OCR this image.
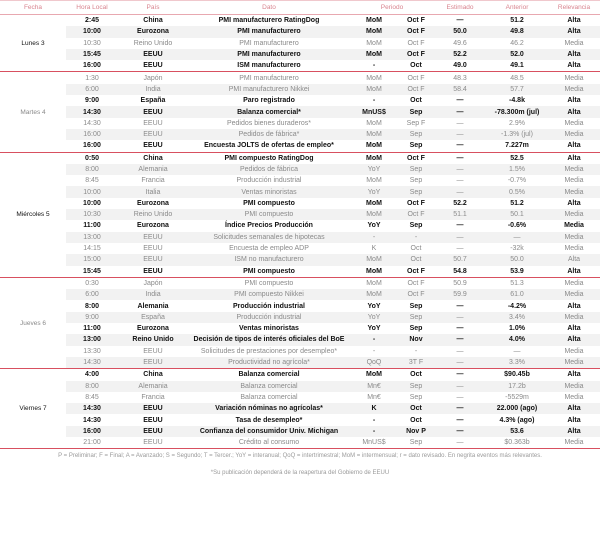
Fecha	Hora Local	País	Dato	Periodo		Estimado	Anterior	Relevancia
Lunes 3	2:45	China	PMI manufacturero RatingDog	MoM	Oct F	—	51.2	Alta
	10:00	Eurozona	PMI manufacturero	MoM	Oct F	50.0	49.8	Alta
	10:30	Reino Unido	PMI manufacturero	MoM	Oct F	49.6	46.2	Media
	15:45	EEUU	PMI manufacturero	MoM	Oct F	52.2	52.0	Alta
	16:00	EEUU	ISM manufacturero	-	Oct	49.0	49.1	Alta
Martes 4	1:30	Japón	PMI manufacturero	MoM	Oct F	48.3	48.5	Media
	6:00	India	PMI manufacturero Nikkei	MoM	Oct F	58.4	57.7	Media
	9:00	España	Paro registrado	-	Oct	—	-4.8k	Alta
	14:30	EEUU	Balanza comercial*	MnUS$	Sep	—	-78.300m (jul)	Alta
	14:30	EEUU	Pedidos bienes duraderos*	MoM	Sep F	—	2.9%	Media
	16:00	EEUU	Pedidos de fábrica*	MoM	Sep	—	-1.3% (jul)	Media
	16:00	EEUU	Encuesta JOLTS de ofertas de empleo*	MoM	Sep	—	7.227m	Alta
Miércoles 5	0:50	China	PMI compuesto RatingDog	MoM	Oct F	—	52.5	Alta
	8:00	Alemania	Pedidos de fábrica	YoY	Sep	—	1.5%	Media
	8:45	Francia	Producción industrial	MoM	Sep	—	-0.7%	Media
	10:00	Italia	Ventas minoristas	YoY	Sep	—	0.5%	Media
	10:00	Eurozona	PMI compuesto	MoM	Oct F	52.2	51.2	Alta
	10:30	Reino Unido	PMI compuesto	MoM	Oct F	51.1	50.1	Media
	11:00	Eurozona	Índice Precios Producción	YoY	Sep	—	-0.6%	Media
	13:00	EEUU	Solicitudes semanales de hipotecas	-	-	—	—	Media
	14:15	EEUU	Encuesta de empleo ADP	K	Oct	—	-32k	Media
	15:00	EEUU	ISM no manufacturero	MoM	Oct	50.7	50.0	Alta
	15:45	EEUU	PMI compuesto	MoM	Oct F	54.8	53.9	Alta
Jueves 6	0:30	Japón	PMI compuesto	MoM	Oct F	50.9	51.3	Media
	6:00	India	PMI compuesto Nikkei	MoM	Oct F	59.9	61.0	Media
	8:00	Alemania	Producción industrial	YoY	Sep	—	-4.2%	Alta
	9:00	España	Producción industrial	YoY	Sep	—	3.4%	Media
	11:00	Eurozona	Ventas minoristas	YoY	Sep	—	1.0%	Alta
	13:00	Reino Unido	Decisión de tipos de interés oficiales del BoE	-	Nov	—	4.0%	Alta
	13:30	EEUU	Solicitudes de prestaciones por desempleo*	-	-	—	—	Media
	14:30	EEUU	Productividad no agrícola*	QoQ	3T F	—	3.3%	Media
Viernes 7	4:00	China	Balanza comercial	MoM	Oct	—	$90.45b	Alta
	8:00	Alemania	Balanza comercial	Mn€	Sep	—	17.2b	Media
	8:45	Francia	Balanza comercial	Mn€	Sep	—	-5529m	Media
	14:30	EEUU	Variación nóminas no agrícolas*	K	Oct	—	22.000 (ago)	Alta
	14:30	EEUU	Tasa de desempleo*	-	Oct	—	4.3% (ago)	Alta
	16:00	EEUU	Confianza del consumidor Univ. Michigan	-	Nov P	—	53.6	Alta
	21:00	EEUU	Crédito al consumo	MnUS$	Sep	—	$0.363b	Media
P = Preliminar; F = Final; A = Avanzado; S = Segundo; T = Tercer.; YoY = interanual; QoQ = intertrimestral; MoM = intermensual; r = dato revisado. En negrita eventos más relevantes.
*Su publicación dependerá de la reapertura del Gobierno de EEUU
